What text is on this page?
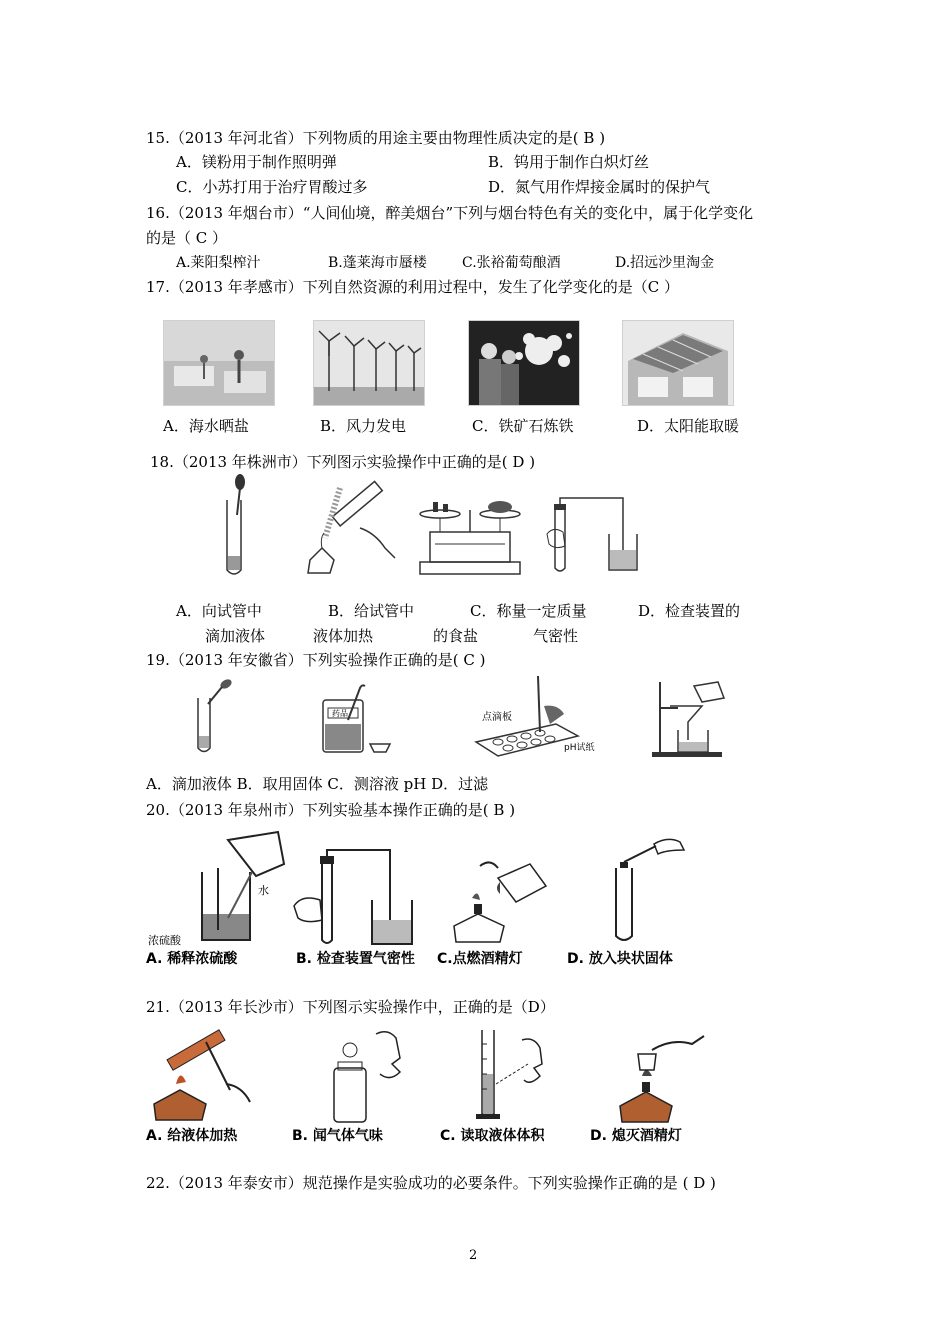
15.（2013 年河北省）下列物质的用途主要由物理性质决定的是( B )
A．镁粉用于制作照明弹	B．钨用于制作白炽灯丝
C．小苏打用于治疗胃酸过多	D．氮气用作焊接金属时的保护气
16.（2013 年烟台市）“人间仙境，醉美烟台”下列与烟台特色有关的变化中，属于化学变化
的是（ C ）
A.莱阳梨榨汁	B.蓬莱海市蜃楼	C.张裕葡萄酿酒	D.招远沙里淘金
17.（2013 年孝感市）下列自然资源的利用过程中，发生了化学变化的是（C ）
A．海水晒盐	B．风力发电	C．铁矿石炼铁	D．太阳能取暖
18.（2013 年株洲市）下列图示实验操作中正确的是( D )
A．向试管中	B．给试管中	C．称量一定质量	D．检查装置的
滴加液体	液体加热	的食盐	气密性
19.（2013 年安徽省）下列实验操作正确的是( C )
药品	点滴板
pH试纸
A．滴加液体 B．取用固体 C．测溶液 pH D．过滤
20.（2013 年泉州市）下列实验基本操作正确的是( B )
水
浓硫酸
A. 稀释浓硫酸	B. 检查装置气密性 C.点燃酒精灯	D. 放入块状固体
21.（2013 年长沙市）下列图示实验操作中，正确的是（D）
A. 给液体加热	B. 闻气体气味	C. 读取液体体积	D. 熄灭酒精灯
22.（2013 年泰安市）规范操作是实验成功的必要条件。下列实验操作正确的是 ( D )
2
